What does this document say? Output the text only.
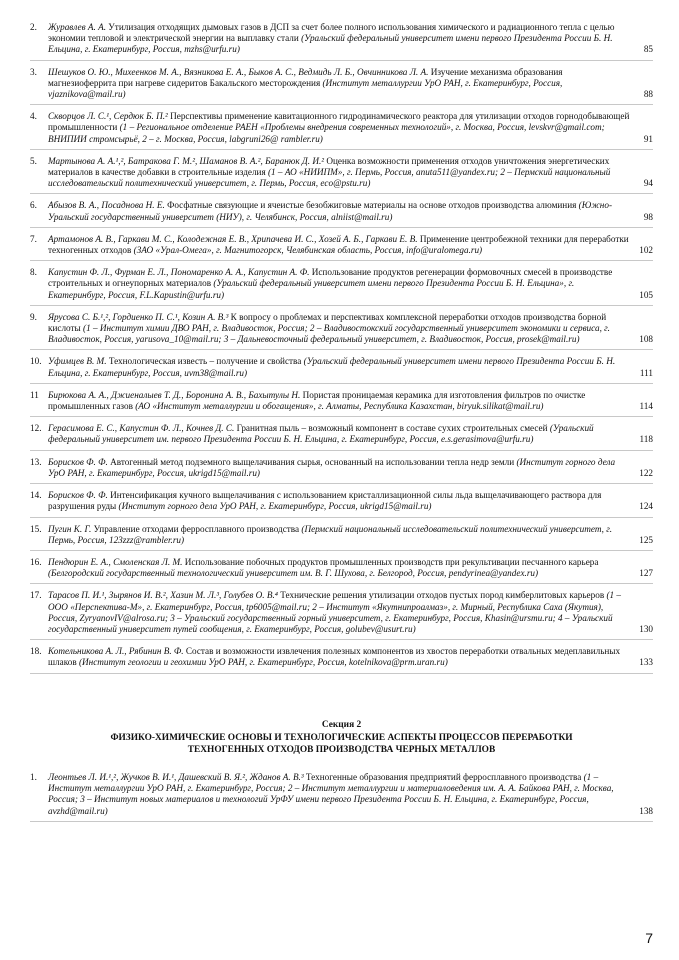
2.	Журавлев А. А. Утилизация отходящих дымовых газов в ДСП за счет более полного использования химического и радиационного тепла с целью экономии тепловой и электрической энергии на выплавку стали (Уральский федеральный университет имени первого Президента России Б. Н. Ельцина, г. Екатеринбург, Россия, mzhs@urfu.ru)	85
3.	Шешуков О. Ю., Михеенков М. А., Вязникова Е. А., Быков А. С., Ведмидь Л. Б., Овчинникова Л. А. Изучение механизма образования магнезиоферрита при нагреве сидеритов Бакальского месторождения (Институт металлургии УрО РАН, г. Екатеринбург, Россия, vjaznikova@mail.ru)	88
4.	Скворцов Л. С.¹, Сердюк Б. П.² Перспективы применение кавитационного гидродинамического реактора для утилизации отходов горнодобывающей промышленности (1 – Региональное отделение РАЕН «Проблемы внедрения современных технологий», г. Москва, Россия, levskvr@gmail.com; ВНИПИИ стромсырьё, 2 – г. Москва, Россия, labgruni26@ rambler.ru)	91
5.	Мартынова А. А.¹,², Батракова Г. М.², Шаманов В. А.², Баранюк Д. И.² Оценка возможности применения отходов уничтожения энергетических материалов в качестве добавки в строительные изделия (1 – АО «НИИПМ», г. Пермь, Россия, anuta511@yandex.ru; 2 – Пермский национальный исследовательский политехнический университет, г. Пермь, Россия, eco@pstu.ru)	94
6.	Абызов В. А., Посаднова Н. Е. Фосфатные связующие и ячеистые безобжиговые материалы на основе отходов производства алюминия (Южно-Уральский государственный университет (НИУ), г. Челябинск, Россия, alniist@mail.ru)	98
7.	Артамонов А. В., Гаркави М. С., Колодежная Е. В., Хрипачева И. С., Хозей А. Б., Гаркави Е. В. Применение центробежной техники для переработки техногенных отходов (ЗАО «Урал-Омега», г. Магнитогорск, Челябинская область, Россия, info@uralomega.ru)	102
8.	Капустин Ф. Л., Фурман Е. Л., Пономаренко А. А., Капустин А. Ф. Использование продуктов регенерации формовочных смесей в производстве строительных и огнеупорных материалов (Уральский федеральный университет имени первого Президента России Б. Н. Ельцина», г. Екатеринбург, Россия, F.L.Kapustin@urfu.ru)	105
9.	Ярусова С. Б.¹,², Гордиенко П. С.¹, Козин А. В.³ К вопросу о проблемах и перспективах комплексной переработки отходов производства борной кислоты (1 – Институт химии ДВО РАН, г. Владивосток, Россия; 2 – Владивостокский государственный университет экономики и сервиса, г. Владивосток, Россия, yarusova_10@mail.ru; 3 – Дальневосточный федеральный университет, г. Владивосток, Россия, prosek@mail.ru)	108
10. Уфимцев В. М. Технологическая известь – получение и свойства (Уральский федеральный университет имени первого Президента России Б. Н. Ельцина, г. Екатеринбург, Россия, uvm38@mail.ru)	111
11 Бирюкова А. А., Джиеналыев Т. Д., Боронина А. В., Бахытулы Н. Пористая проницаемая керамика для изготовления фильтров по очистке промышленных газов (АО «Институт металлургии и обогащения», г. Алматы, Республика Казахстан, biryuk.silikat@mail.ru)	114
12. Герасимова Е. С., Капустин Ф. Л., Кочнев Д. С. Гранитная пыль – возможный компонент в составе сухих строительных смесей (Уральский федеральный университет им. первого Президента России Б. Н. Ельцина, г. Екатеринбург, Россия, e.s.gerasimova@urfu.ru)	118
13. Борисков Ф. Ф. Автогенный метод подземного выщелачивания сырья, основанный на использовании тепла недр земли (Институт горного дела УрО РАН, г. Екатеринбург, Россия, ukrigd15@mail.ru)	122
14. Борисков Ф. Ф. Интенсификация кучного выщелачивания с использованием кристаллизационной силы льда выщелачивающего раствора для разрушения руды (Институт горного дела УрО РАН, г. Екатеринбург, Россия, ukrigd15@mail.ru)	124
15. Пугин К. Г. Управление отходами ферросплавного производства (Пермский национальный исследовательский политехнический университет, г. Пермь, Россия, 123zzz@rambler.ru)	125
16. Пендюрин Е. А., Смоленская Л. М. Использование побочных продуктов промышленных производств при рекультивации песчанного карьера (Белгородский государственный технологический университет им. В. Г. Шухова, г. Белгород, Россия, pendyrinea@yandex.ru)	127
17. Тарасов П. И.¹, Зырянов И. В.², Хазин М. Л.³, Голубев О. В.⁴ Технические решения утилизации отходов пустых пород кимберлитовых карьеров (1 – ООО «Перспектива-М», г. Екатеринбург, Россия, tp6005@mail.ru; 2 – Институт «Якутнипроалмаз», г. Мирный, Республика Саха (Якутия), Россия, ZyryanovIV@alrosa.ru; 3 – Уральский государственный горный университет, г. Екатеринбург, Россия, Khasin@ursmu.ru; 4 – Уральский государственный университет путей сообщения, г. Екатеринбург, Россия, golubev@usurt.ru)	130
18. Котельникова А. Л., Рябинин В. Ф. Состав и возможности извлечения полезных компонентов из хвостов переработки отвальных медеплавильных шлаков (Институт геологии и геохимии УрО РАН, г. Екатеринбург, Россия, kotelnikova@prm.uran.ru)	133
Секция 2
ФИЗИКО-ХИМИЧЕСКИЕ ОСНОВЫ И ТЕХНОЛОГИЧЕСКИЕ АСПЕКТЫ ПРОЦЕССОВ ПЕРЕРАБОТКИ
ТЕХНОГЕННЫХ ОТХОДОВ ПРОИЗВОДСТВА ЧЕРНЫХ МЕТАЛЛОВ
1.	Леонтьев Л. И.¹,², Жучков В. И.¹, Дашевский В. Я.², Жданов А. В.³ Техногенные образования предприятий ферросплавного производства (1 – Институт металлургии УрО РАН, г. Екатеринбург, Россия; 2 – Институт металлургии и материаловедения им. А. А. Байкова РАН, г. Москва, Россия; 3 – Институт новых материалов и технологий УрФУ имени первого Президента России Б. Н. Ельцина, г. Екатеринбург, Россия, avzhd@mail.ru)	138
7
